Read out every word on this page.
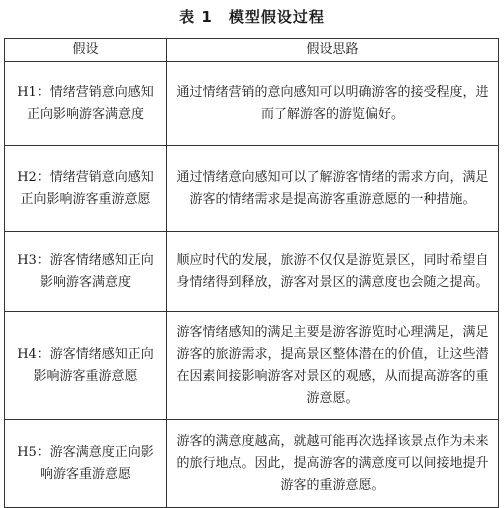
表 1 模型假设过程
假设	假设思路
H1：情绪营销意向感知正向影响游客满意度	通过情绪营销的意向感知可以明确游客的接受程度，进而了解游客的游览偏好。
H2：情绪营销意向感知正向影响游客重游意愿	通过情绪意向感知可以了解游客情绪的需求方向，满足游客的情绪需求是提高游客重游意愿的一种措施。
H3：游客情绪感知正向影响游客满意度	顺应时代的发展，旅游不仅仅是游览景区，同时希望自身情绪得到释放，游客对景区的满意度也会随之提高。
H4：游客情绪感知正向影响游客重游意愿	游客情绪感知的满足主要是游客游览时心理满足，满足游客的旅游需求，提高景区整体潜在的价值，让这些潜在因素间接影响游客对景区的观感，从而提高游客的重游意愿。
H5：游客满意度正向影响游客重游意愿	游客的满意度越高，就越可能再次选择该景点作为未来的旅行地点。因此，提高游客的满意度可以间接地提升游客的重游意愿。
